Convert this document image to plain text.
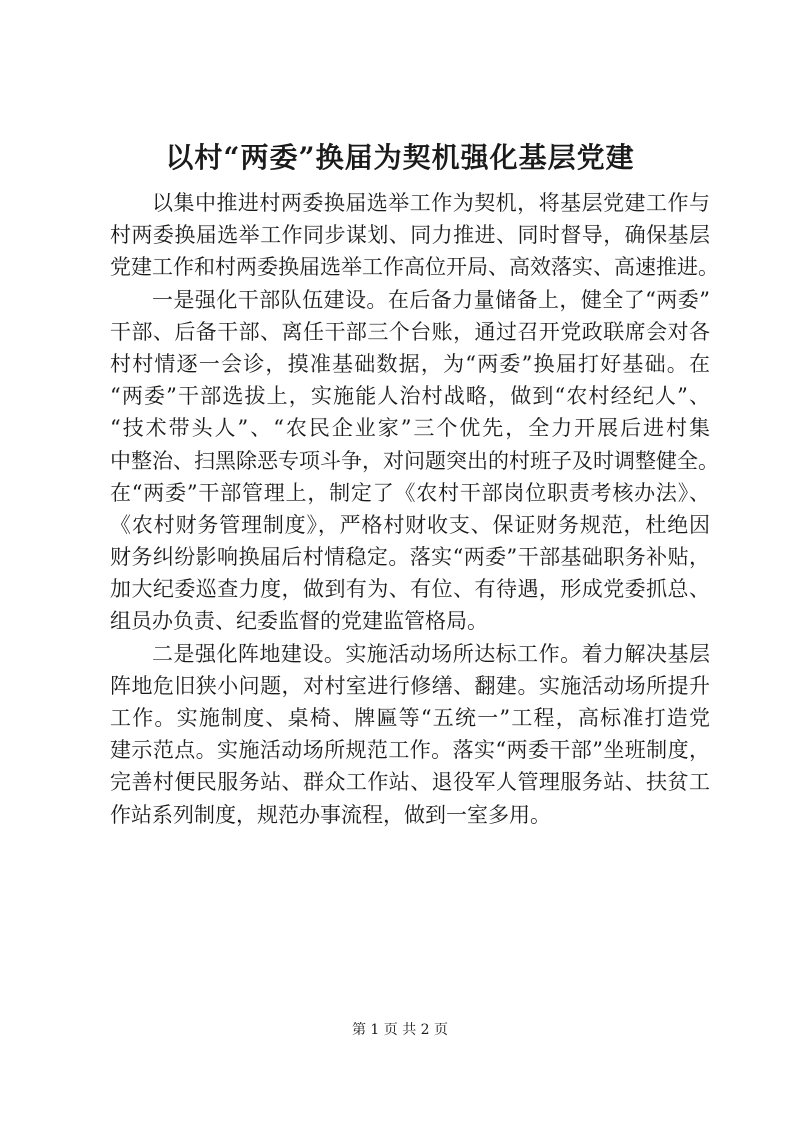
以村“两委”换届为契机强化基层党建
以集中推进村两委换届选举工作为契机，将基层党建工作与
村两委换届选举工作同步谋划、同力推进、同时督导，确保基层
党建工作和村两委换届选举工作高位开局、高效落实、高速推进。
一是强化干部队伍建设。在后备力量储备上，健全了“两委”
干部、后备干部、离任干部三个台账，通过召开党政联席会对各
村村情逐一会诊，摸准基础数据，为“两委”换届打好基础。在
“两委”干部选拔上，实施能人治村战略，做到“农村经纪人”、
“技术带头人”、“农民企业家”三个优先，全力开展后进村集
中整治、扫黑除恶专项斗争，对问题突出的村班子及时调整健全。
在“两委”干部管理上，制定了《农村干部岗位职责考核办法》、
《农村财务管理制度》，严格村财收支、保证财务规范，杜绝因
财务纠纷影响换届后村情稳定。落实“两委”干部基础职务补贴，
加大纪委巡查力度，做到有为、有位、有待遇，形成党委抓总、
组员办负责、纪委监督的党建监管格局。
二是强化阵地建设。实施活动场所达标工作。着力解决基层
阵地危旧狭小问题，对村室进行修缮、翻建。实施活动场所提升
工作。实施制度、桌椅、牌匾等“五统一”工程，高标准打造党
建示范点。实施活动场所规范工作。落实“两委干部”坐班制度，
完善村便民服务站、群众工作站、退役军人管理服务站、扶贫工
作站系列制度，规范办事流程，做到一室多用。
第 1 页 共 2 页
